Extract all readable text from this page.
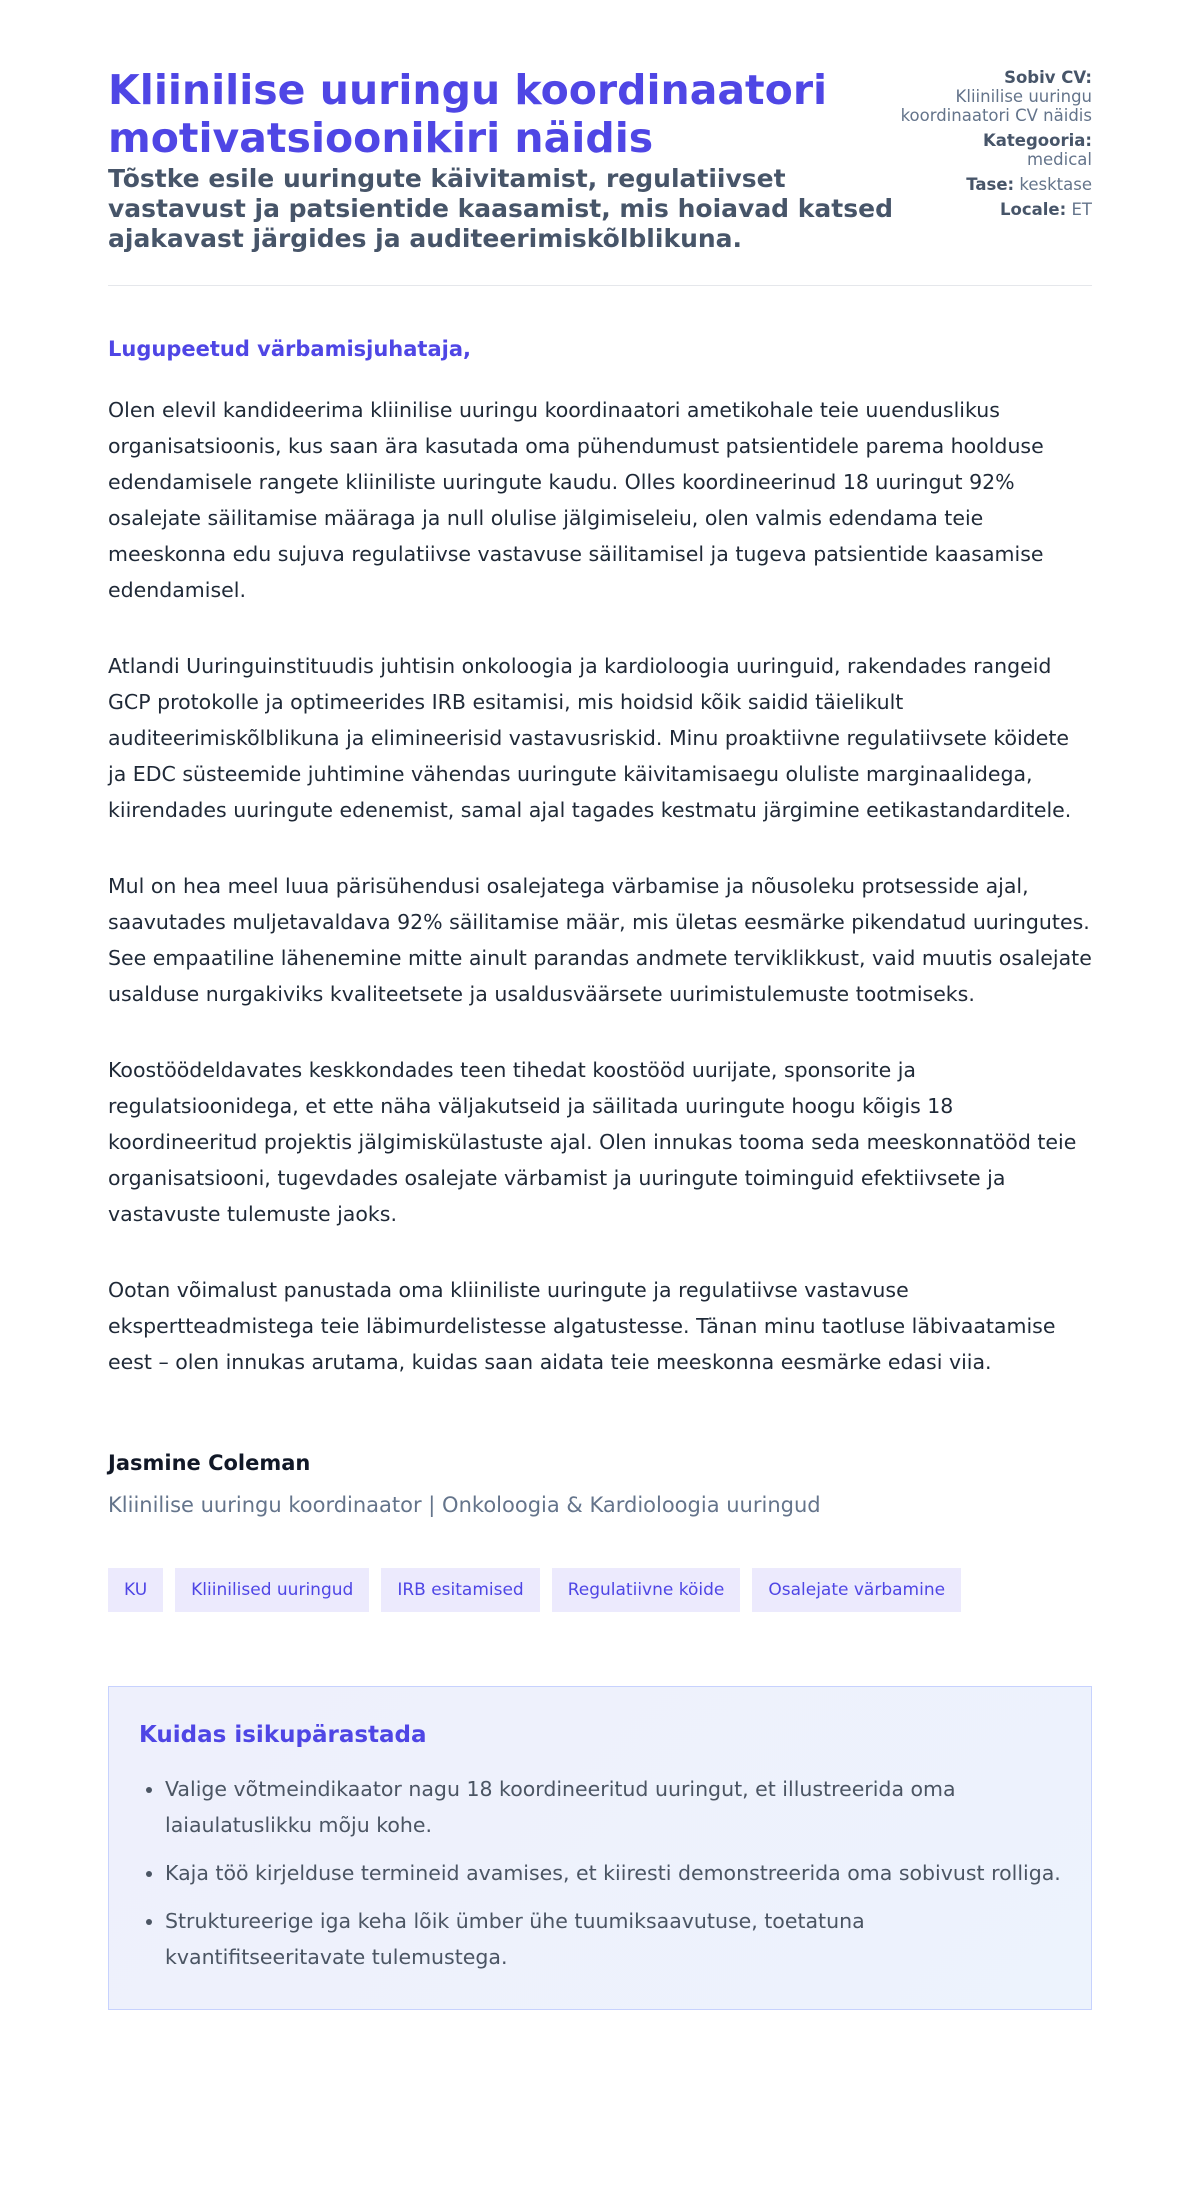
Kliinilise uuringu koordinaatori motivatsioonikiri näidis
Tõstke esile uuringute käivitamist, regulatiivset vastavust ja patsientide kaasamist, mis hoiavad katsed ajakavast järgides ja auditeerimiskõlblikuna.
Sobiv CV:
Kliinilise uuringu koordinaatori CV näidis
Kategooria:
medical
Tase: kesktase
Locale: ET
Lugupeetud värbamisjuhataja,

Olen elevil kandideerima kliinilise uuringu koordinaatori ametikohale teie uuenduslikus organisatsioonis, kus saan ära kasutada oma pühendumust patsientidele parema hoolduse edendamisele rangete kliiniliste uuringute kaudu. Olles koordineerinud 18 uuringut 92% osalejate säilitamise määraga ja null olulise jälgimiseleiu, olen valmis edendama teie meeskonna edu sujuva regulatiivse vastavuse säilitamisel ja tugeva patsientide kaasamise edendamisel.

Atlandi Uuringuinstituudis juhtisin onkoloogia ja kardioloogia uuringuid, rakendades rangeid GCP protokolle ja optimeerides IRB esitamisi, mis hoidsid kõik saidid täielikult auditeerimiskõlblikuna ja elimineerisid vastavusriskid. Minu proaktiivne regulatiivsete köidete ja EDC süsteemide juhtimine vähendas uuringute käivitamisaegu oluliste marginaalidega, kiirendades uuringute edenemist, samal ajal tagades kestmatu järgimine eetikastandarditele.

Mul on hea meel luua pärisühendusi osalejatega värbamise ja nõusoleku protsesside ajal, saavutades muljetavaldava 92% säilitamise määr, mis ületas eesmärke pikendatud uuringutes. See empaatiline lähenemine mitte ainult parandas andmete terviklikkust, vaid muutis osalejate usalduse nurgakiviks kvaliteetsete ja usaldusväärsete uurimistulemuste tootmiseks.

Koostöödeldavates keskkondades teen tihedat koostööd uurijate, sponsorite ja regulatsioonidega, et ette näha väljakutseid ja säilitada uuringute hoogu kõigis 18 koordineeritud projektis jälgimiskülastuste ajal. Olen innukas tooma seda meeskonnatööd teie organisatsiooni, tugevdades osalejate värbamist ja uuringute toiminguid efektiivsete ja vastavuste tulemuste jaoks.

Ootan võimalust panustada oma kliiniliste uuringute ja regulatiivse vastavuse ekspertteadmistega teie läbimurdelistesse algatustesse. Tänan minu taotluse läbivaatamise eest – olen innukas arutama, kuidas saan aidata teie meeskonna eesmärke edasi viia.

Jasmine Coleman
Kliinilise uuringu koordinaator | Onkoloogia & Kardioloogia uuringud
KU	Kliinilised uuringud	IRB esitamised	Regulatiivne köide	Osalejate värbamine
Kuidas isikupärastada
• Valige võtmeindikaator nagu 18 koordineeritud uuringut, et illustreerida oma laiaulatuslikku mõju kohe.
• Kaja töö kirjelduse termineid avamises, et kiiresti demonstreerida oma sobivust rolliga.
• Struktureerige iga keha lõik ümber ühe tuumiksaavutuse, toetatuna kvantifitseeritavate tulemustega.
